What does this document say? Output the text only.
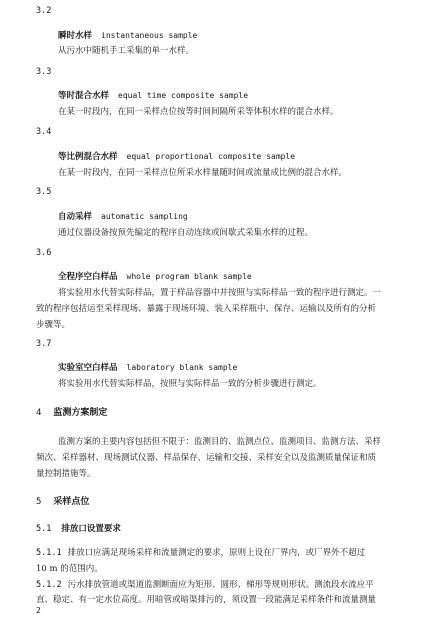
3.2
瞬时水样 instantaneous sample
从污水中随机手工采集的单一水样。
3.3
等时混合水样 equal time composite sample
在某一时段内，在同一采样点位按等时间间隔所采等体积水样的混合水样。
3.4
等比例混合水样 equal proportional composite sample
在某一时段内，在同一采样点位所采水样量随时间或流量成比例的混合水样。
3.5
自动采样 automatic sampling
通过仪器设备按预先编定的程序自动连续或间歇式采集水样的过程。
3.6
全程序空白样品 whole program blank sample
将实验用水代替实际样品，置于样品容器中并按照与实际样品一致的程序进行测定。一
致的程序包括运至采样现场、暴露于现场环境、装入采样瓶中、保存、运输以及所有的分析
步骤等。
3.7
实验室空白样品 laboratory blank sample
将实验用水代替实际样品，按照与实际样品一致的分析步骤进行测定。
4 监测方案制定
监测方案的主要内容包括但不限于：监测目的、监测点位、监测项目、监测方法、采样
频次、采样器材、现场测试仪器、样品保存、运输和交接、采样安全以及监测质量保证和质
量控制措施等。
5 采样点位
5.1 排放口设置要求
5.1.1 排放口应满足现场采样和流量测定的要求，原则上设在厂界内，或厂界外不超过
10 m 的范围内。
5.1.2 污水排放管道或渠道监测断面应为矩形、圆形、梯形等规则形状。测流段水流应平
直、稳定、有一定水位高度。用暗管或暗渠排污的，须设置一段能满足采样条件和流量测量
2
